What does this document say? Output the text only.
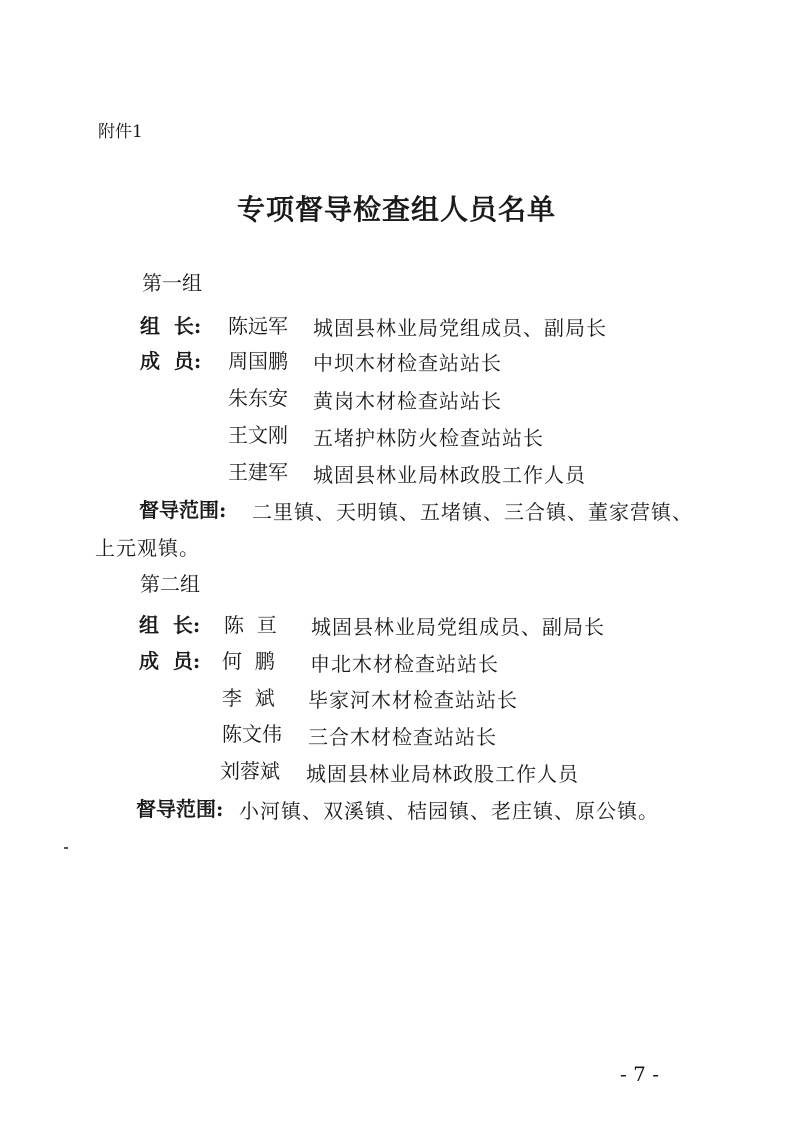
附件1
专项督导检查组人员名单
第一组
组  长: 陈远军 城固县林业局党组成员、副局长
成  员: 周国鹏 中坝木材检查站站长
朱东安 黄岗木材检查站站长
王文刚 五堵护林防火检查站站长
王建军 城固县林业局林政股工作人员
督导范围: 二里镇、天明镇、五堵镇、三合镇、董家营镇、
上元观镇。
第二组
组  长: 陈  亘 城固县林业局党组成员、副局长
成  员: 何  鹏 申北木材检查站站长
李  斌 毕家河木材检查站站长
陈文伟 三合木材检查站站长
刘蓉斌 城固县林业局林政股工作人员
督导范围: 小河镇、双溪镇、桔园镇、老庄镇、原公镇。
- 7 -
